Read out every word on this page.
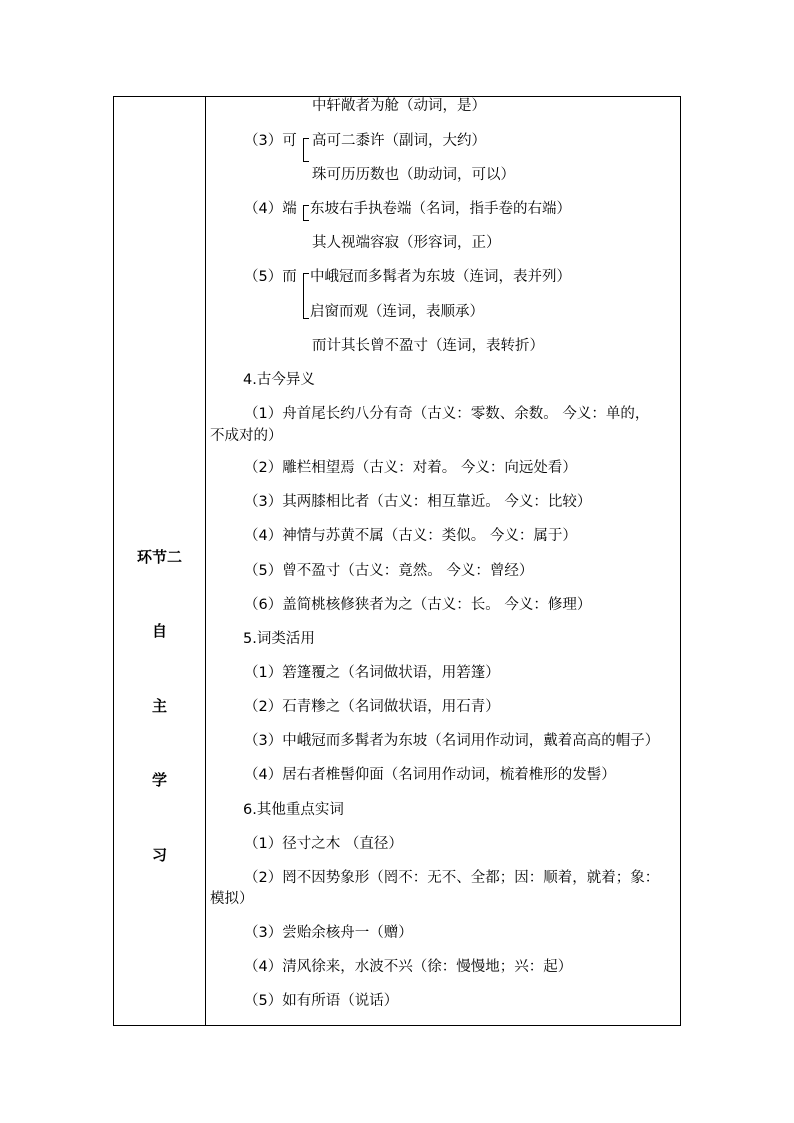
环节二
自
主
学
习
中轩敞者为舱（动词，是）
（3）可 高可二黍许（副词，大约）
珠可历历数也（助动词，可以）
（4）端 东坡右手执卷端（名词，指手卷的右端）
其人视端容寂（形容词，正）
（5）而 中峨冠而多髯者为东坡（连词，表并列）
启窗而观（连词，表顺承）
而计其长曾不盈寸（连词，表转折）
4.古今异义
（1）舟首尾长约八分有奇（古义：零数、余数。 今义：单的，
不成对的）
（2）雕栏相望焉（古义：对着。 今义：向远处看）
（3）其两膝相比者（古义：相互靠近。 今义：比较）
（4）神情与苏黄不属（古义：类似。 今义：属于）
（5）曾不盈寸（古义：竟然。 今义：曾经）
（6）盖简桃核修狭者为之（古义：长。 今义：修理）
5.词类活用
（1）箬篷覆之（名词做状语，用箬篷）
（2）石青糁之（名词做状语，用石青）
（3）中峨冠而多髯者为东坡（名词用作动词，戴着高高的帽子）
（4）居右者椎髻仰面（名词用作动词，梳着椎形的发髻）
6.其他重点实词
（1）径寸之木 （直径）
（2）罔不因势象形（罔不：无不、全都；因：顺着，就着；象：
模拟）
（3）尝贻余核舟一（赠）
（4）清风徐来，水波不兴（徐：慢慢地；兴：起）
（5）如有所语（说话）
